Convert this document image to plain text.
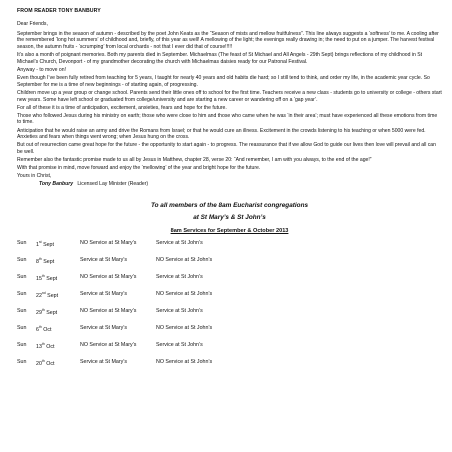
FROM READER TONY BANBURY
Dear Friends,
September brings in the season of autumn - described by the poet John Keats as the “Season of mists and mellow fruitfulness”. This line always suggests a ‘softness’ to me. A cooling after the remembered ‘long hot summers’ of childhood and, briefly, of this year as well! A mellowing of the light; the evenings really drawing in; the need to put on a jumper. The harvest festival season, the autumn fruits - ‘scrumping’ from local orchards - not that I ever did that of course!!!!!
It’s also a month of poignant memories. Both my parents died in September. Michaelmas (The feast of St Michael and All Angels - 29th Sept) brings reflections of my childhood in St Michael’s Church, Devonport - of my grandmother decorating the church with Michaelmas daisies ready for our Patronal Festival.
Anyway - to move on!
Even though I’ve been fully retired from teaching for 5 years, I taught for nearly 40 years and old habits die hard; so I still tend to think, and order my life, in the academic year cycle. So September for me is a time of new beginnings - of starting again, of progressing.
Children move up a year group or change school. Parents send their little ones off to school for the first time. Teachers receive a new class - students go to university or college - others start new years. Some have left school or graduated from college/university and are starting a new career or wandering off on a ‘gap year’.
For all of these it is a time of anticipation, excitement, anxieties, fears and hope for the future.
Those who followed Jesus during his ministry on earth; those who were close to him and those who came when he was ‘in their area’; must have experienced all these emotions from time to time.
Anticipation that he would raise an army and drive the Romans from Israel; or that he would cure an illness. Excitement in the crowds listening to his teaching or when 5000 were fed. Anxieties and fears when things went wrong; when Jesus hung on the cross.
But out of resurrection came great hope for the future - the opportunity to start again - to progress. The reassurance that if we allow God to guide our lives then love will prevail and all can be well.
Remember also the fantastic promise made to us all by Jesus in Matthew, chapter 28, verse 20: “And remember, I am with you always, to the end of the age!”
With that promise in mind, move forward and enjoy the ‘mellowing’ of the year and bright hope for the future.
Yours in Christ,
Tony Banbury Licensed Lay Minister (Reader)
To all members of the 8am Eucharist congregations
at St Mary’s & St John’s
8am Services for September & October 2013
Sun	1st Sept	NO Service at St Mary’s	Service at St John’s
Sun	8th Sept	Service at St Mary’s	NO Service at St John’s
Sun	15th Sept	NO Service at St Mary’s	Service at St John’s
Sun	22nd Sept	Service at St Mary’s	NO Service at St John’s
Sun	29th Sept	NO Service at St Mary’s	Service at St John’s
Sun	6th Oct	Service at St Mary’s	NO Service at St John’s
Sun	13th Oct	NO Service at St Mary’s	Service at St John’s
Sun	20th Oct	Service at St Mary’s	NO Service at St John’s
